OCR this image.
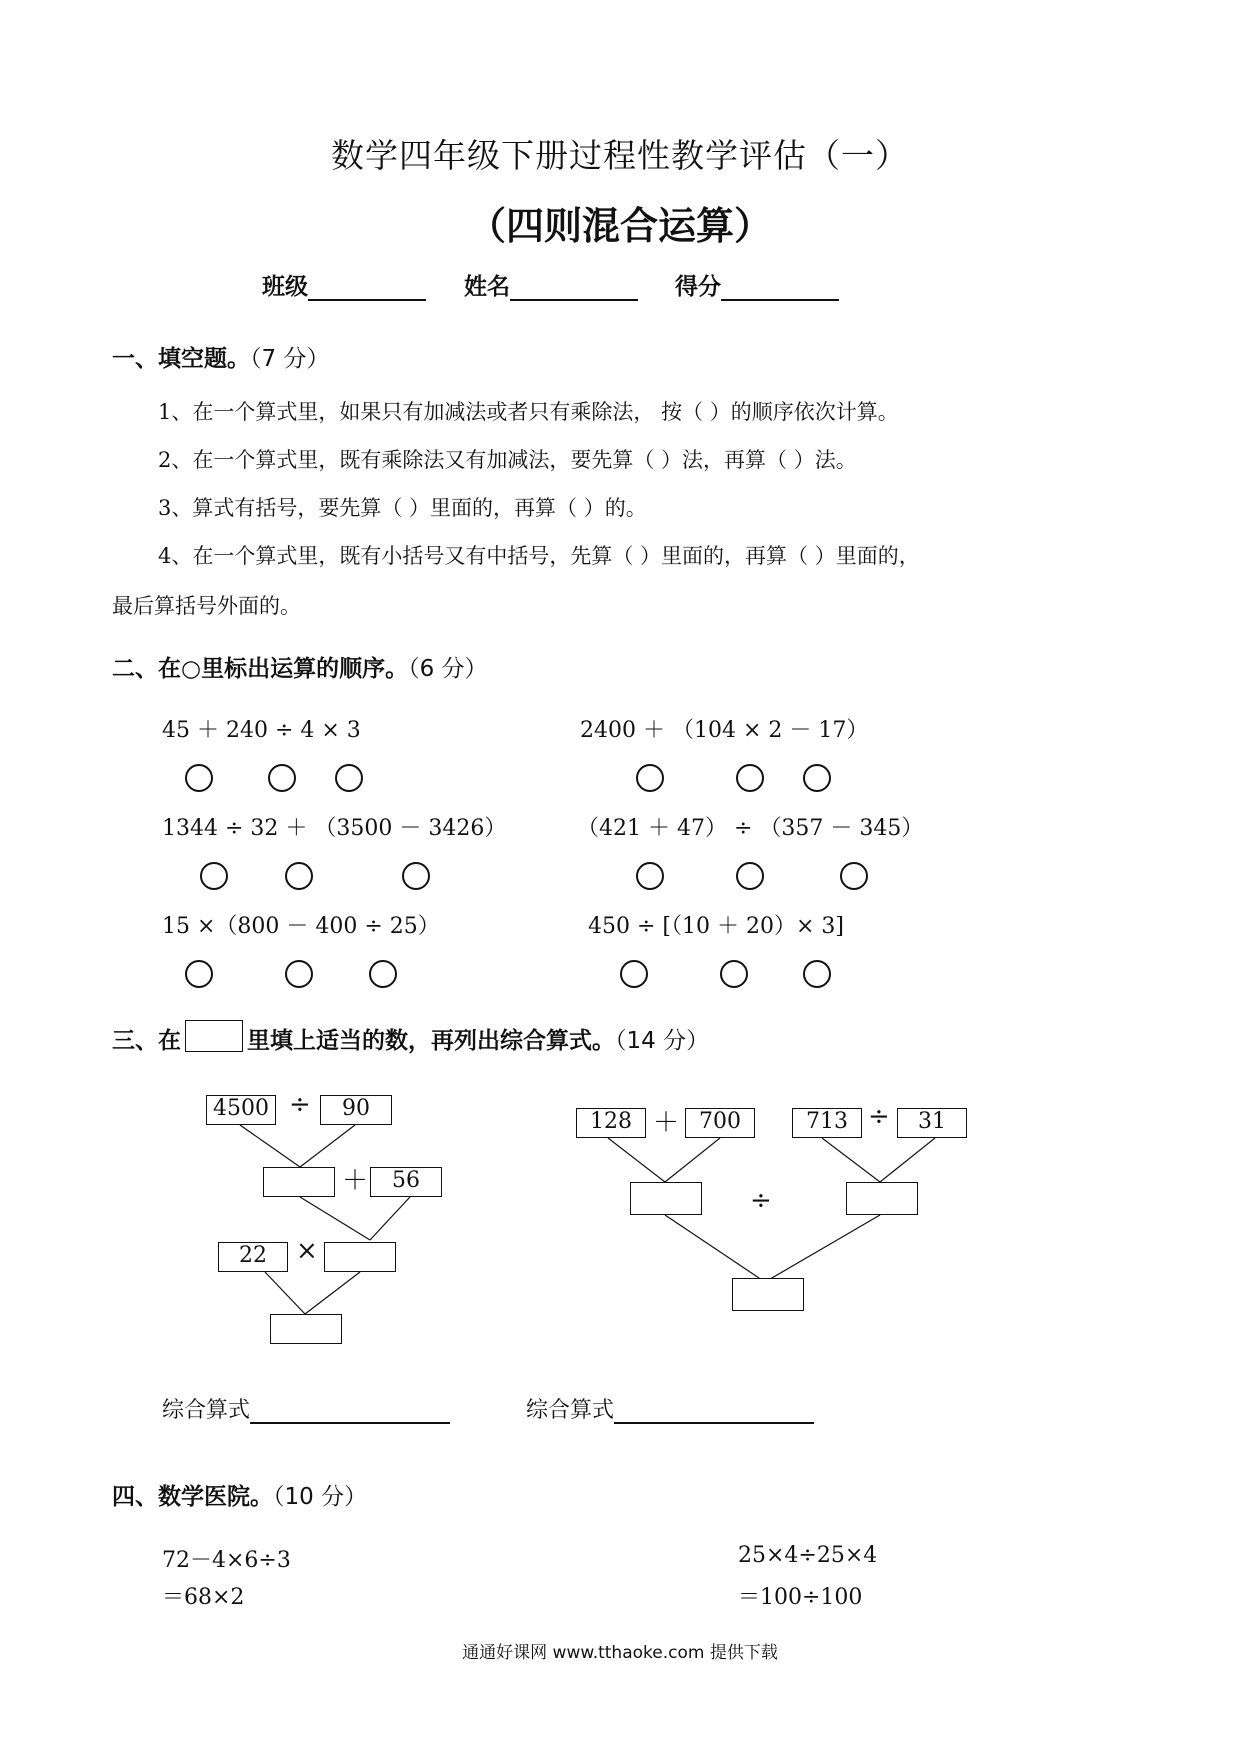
数学四年级下册过程性教学评估（一）
（四则混合运算）
班级	姓名	得分
一、填空题。（7 分）
1、在一个算式里，如果只有加减法或者只有乘除法， 按（ ）的顺序依次计算。
2、在一个算式里，既有乘除法又有加减法，要先算（ ）法，再算（ ）法。
3、算式有括号，要先算（ ）里面的，再算（ ）的。
4、在一个算式里，既有小括号又有中括号，先算（ ）里面的，再算（ ）里面的，
最后算括号外面的。
二、在○里标出运算的顺序。（6 分）
45 ＋ 240 ÷ 4 × 3	2400 ＋ （104 × 2 － 17）
1344 ÷ 32 ＋ （3500 － 3426）	（421 ＋ 47） ÷ （357 － 345）
15 ×（800 － 400 ÷ 25）	450 ÷ [（10 ＋ 20）× 3]
三、在	里填上适当的数，再列出综合算式。（14 分）
4500 ÷	90
＋	56
22	×
128 ＋ 700	713 ÷	31
÷
综合算式	综合算式
四、数学医院。（10 分）
72－4×6÷3
＝68×2
25×4÷25×4
＝100÷100
通通好课网 www.tthaoke.com 提供下载
